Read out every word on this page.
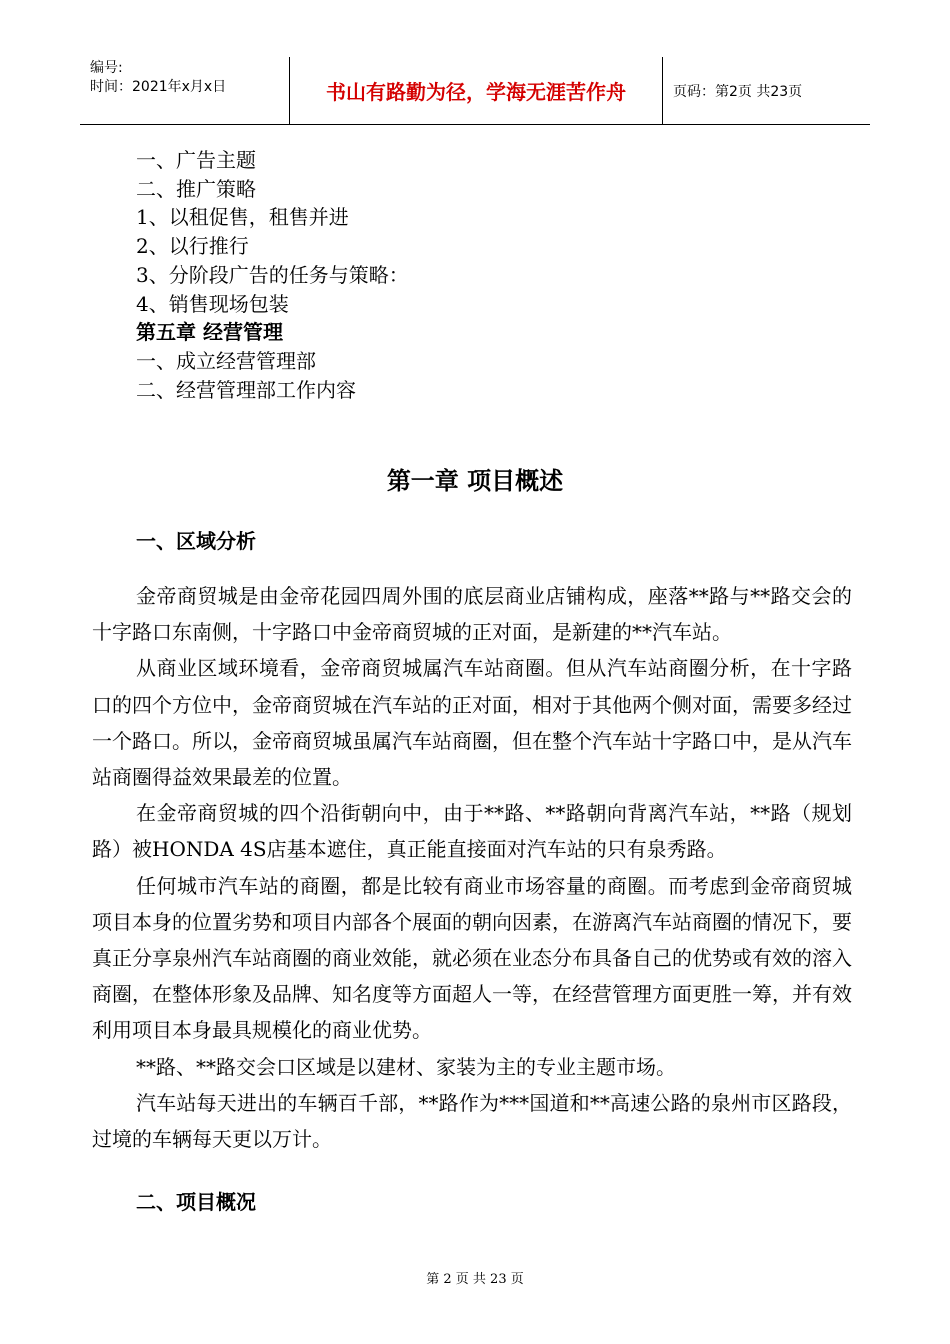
编号:
时间：2021年x月x日	书山有路勤为径，学海无涯苦作舟	页码：第2页 共23页
一、广告主题
二、推广策略
1、以租促售，租售并进
2、以行推行
3、分阶段广告的任务与策略：
4、销售现场包装
第五章 经营管理
一、成立经营管理部
二、经营管理部工作内容
第一章 项目概述
一、区域分析

金帝商贸城是由金帝花园四周外围的底层商业店铺构成，座落**路与**路交会的十字路口东南侧，十字路口中金帝商贸城的正对面，是新建的**汽车站。

从商业区域环境看，金帝商贸城属汽车站商圈。但从汽车站商圈分析，在十字路口的四个方位中，金帝商贸城在汽车站的正对面，相对于其他两个侧对面，需要多经过一个路口。所以，金帝商贸城虽属汽车站商圈，但在整个汽车站十字路口中，是从汽车站商圈得益效果最差的位置。

在金帝商贸城的四个沿街朝向中，由于**路、**路朝向背离汽车站，**路（规划路）被HONDA 4S店基本遮住，真正能直接面对汽车站的只有泉秀路。

任何城市汽车站的商圈，都是比较有商业市场容量的商圈。而考虑到金帝商贸城项目本身的位置劣势和项目内部各个展面的朝向因素，在游离汽车站商圈的情况下，要真正分享泉州汽车站商圈的商业效能，就必须在业态分布具备自己的优势或有效的溶入商圈，在整体形象及品牌、知名度等方面超人一等，在经营管理方面更胜一筹，并有效利用项目本身最具规模化的商业优势。

**路、**路交会口区域是以建材、家装为主的专业主题市场。

汽车站每天进出的车辆百千部，**路作为***国道和**高速公路的泉州市区路段，过境的车辆每天更以万计。

二、项目概况
第 2 页 共 23 页
